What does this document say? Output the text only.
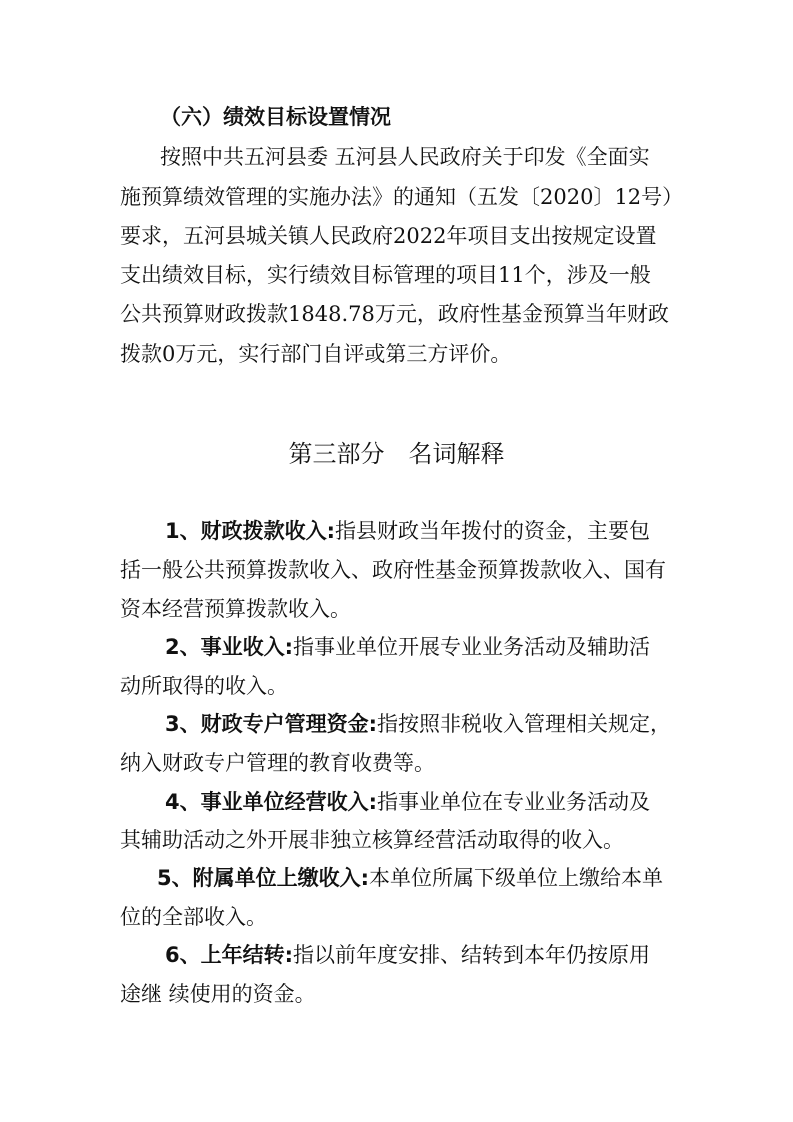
（六）绩效目标设置情况
按照中共五河县委 五河县人民政府关于印发《全面实
施预算绩效管理的实施办法》的通知（五发〔2020〕12号）
要求，五河县城关镇人民政府2022年项目支出按规定设置
支出绩效目标，实行绩效目标管理的项目11个，涉及一般
公共预算财政拨款1848.78万元，政府性基金预算当年财政
拨款0万元，实行部门自评或第三方评价。
第三部分　名词解释
1、财政拨款收入:指县财政当年拨付的资金，主要包
括一般公共预算拨款收入、政府性基金预算拨款收入、国有
资本经营预算拨款收入。
2、事业收入:指事业单位开展专业业务活动及辅助活
动所取得的收入。
3、财政专户管理资金:指按照非税收入管理相关规定，
纳入财政专户管理的教育收费等。
4、事业单位经营收入:指事业单位在专业业务活动及
其辅助活动之外开展非独立核算经营活动取得的收入。
5、附属单位上缴收入:本单位所属下级单位上缴给本单
位的全部收入。
6、上年结转:指以前年度安排、结转到本年仍按原用
途继 续使用的资金。
